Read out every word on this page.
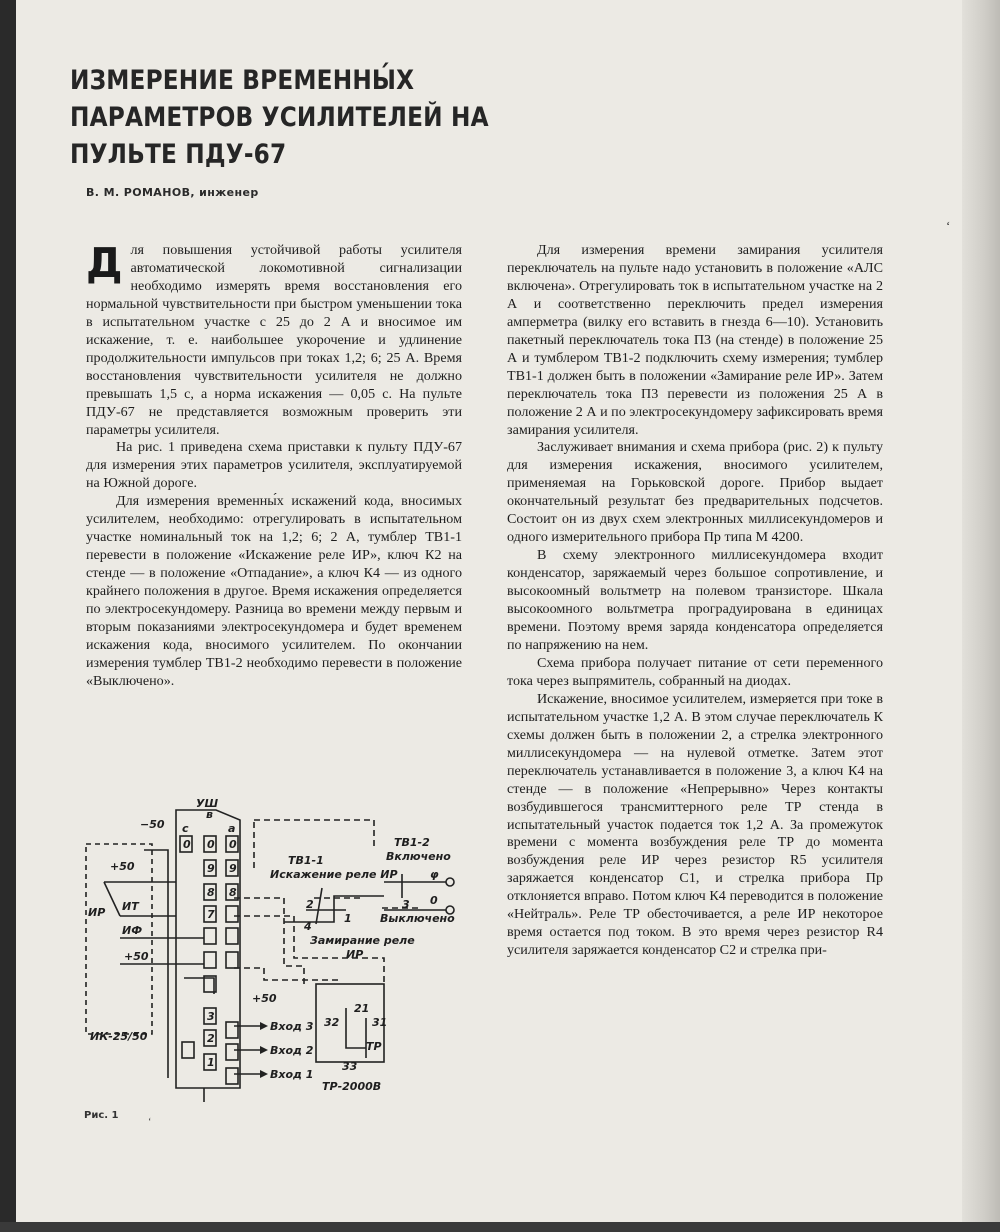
ИЗМЕРЕНИЕ ВРЕМЕННЫ́Х ПАРАМЕТРОВ УСИЛИТЕЛЕЙ НА ПУЛЬТЕ ПДУ-67

В. М. РОМАНОВ, инженер

Для повышения устойчивой работы усилителя автоматической локомотивной сигнализации необходимо измерять время восстановления его нормальной чувствительности при быстром уменьшении тока в испытательном участке с 25 до 2 А и вносимое им искажение, т. е. наибольшее укорочение и удлинение продолжительности импульсов при токах 1,2; 6; 25 А. Время восстановления чувствительности усилителя не должно превышать 1,5 с, а норма искажения — 0,05 с. На пульте ПДУ-67 не представляется возможным проверить эти параметры усилителя.

На рис. 1 приведена схема приставки к пульту ПДУ-67 для измерения этих параметров усилителя, эксплуатируемой на Южной дороге.

Для измерения временны́х искажений кода, вносимых усилителем, необходимо: отрегулировать в испытательном участке номинальный ток на 1,2; 6; 2 А, тумблер ТВ1-1 перевести в положение «Искажение реле ИР», ключ К2 на стенде — в положение «Отпадание», а ключ К4 — из одного крайнего положения в другое. Время искажения определяется по электросекундомеру. Разница во времени между первым и вторым показаниями электросекундомера и будет временем искажения кода, вносимого усилителем. По окончании измерения тумблер ТВ1-2 необходимо перевести в положение «Выключено».

Для измерения времени замирания усилителя переключатель на пульте надо установить в положение «АЛС включена». Отрегулировать ток в испытательном участке на 2 А и соответственно переключить предел измерения амперметра (вилку его вставить в гнезда 6—10). Установить пакетный переключатель тока П3 (на стенде) в положение 25 А и тумблером ТВ1-2 подключить схему измерения; тумблер ТВ1-1 должен быть в положении «Замирание реле ИР». Затем переключатель тока П3 перевести из положения 25 А в положение 2 А и по электросекундомеру зафиксировать время замирания усилителя.

Заслуживает внимания и схема прибора (рис. 2) к пульту для измерения искажения, вносимого усилителем, применяемая на Горьковской дороге. Прибор выдает окончательный результат без предварительных подсчетов. Состоит он из двух схем электронных миллисекундомеров и одного измерительного прибора Пр типа М 4200.

В схему электронного миллисекундомера входит конденсатор, заряжаемый через большое сопротивление, и высокоомный вольтметр на полевом транзисторе. Шкала высокоомного вольтметра проградуирована в единицах времени. Поэтому время заряда конденсатора определяется по напряжению на нем.

Схема прибора получает питание от сети переменного тока через выпрямитель, собранный на диодах.

Искажение, вносимое усилителем, измеряется при токе в испытательном участке 1,2 А. В этом случае переключатель К схемы должен быть в положении 2, а стрелка электронного миллисекундомера — на нулевой отметке. Затем этот переключатель устанавливается в положение 3, а ключ К4 на стенде — в положение «Непрерывно» Через контакты возбудившегося трансмиттерного реле ТР стенда в испытательный участок подается ток 1,2 А. За промежуток времени с момента возбуждения реле ТР до момента возбуждения реле ИР через резистор R5 усилителя заряжается конденсатор С1, и стрелка прибора Пр отклоняется вправо. Потом ключ К4 переводится в положение «Нейтраль». Реле ТР обесточивается, а реле ИР некоторое время остается под током. В это время через резистор R4 усилителя заряжается конденсатор С2 и стрелка при-

УШ
−50
+50
ИР ИТ
ИФ
+50
+50
с
в
а
ИК-25/50
ТВ1-1
Искажение реле ИР
ТВ1-2
Включено
Выключено
Замирание реле
ИР
ТР
ТР-2000В
Вход 3
Вход 2
Вход 1
φ
0
1
2	3
4
31
32
33
21
0 0
9
8
7
0
9
8
3
2
1

Рис. 1

ʻ
ʻ
